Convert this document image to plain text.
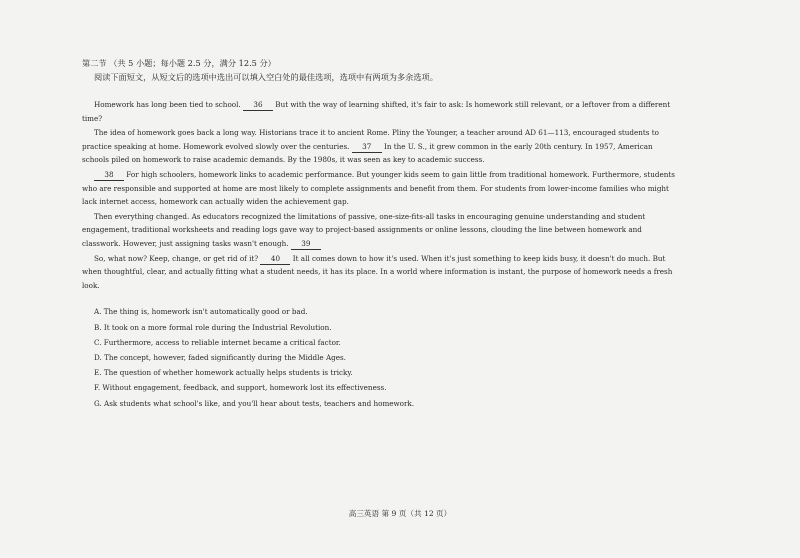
第二节 （共 5 小题；每小题 2.5 分，满分 12.5 分）
阅读下面短文，从短文后的选项中选出可以填入空白处的最佳选项，选项中有两项为多余选项。
Homework has long been tied to school. 36 But with the way of learning shifted, it's fair to ask: Is homework still relevant, or a leftover from a different time?
The idea of homework goes back a long way. Historians trace it to ancient Rome. Pliny the Younger, a teacher around AD 61—113, encouraged students to practice speaking at home. Homework evolved slowly over the centuries. 37 In the U. S., it grew common in the early 20th century. In 1957, American schools piled on homework to raise academic demands. By the 1980s, it was seen as key to academic success.
38 For high schoolers, homework links to academic performance. But younger kids seem to gain little from traditional homework. Furthermore, students who are responsible and supported at home are most likely to complete assignments and benefit from them. For students from lower-income families who might lack internet access, homework can actually widen the achievement gap.
Then everything changed. As educators recognized the limitations of passive, one-size-fits-all tasks in encouraging genuine understanding and student engagement, traditional worksheets and reading logs gave way to project-based assignments or online lessons, clouding the line between homework and classwork. However, just assigning tasks wasn't enough. 39
So, what now? Keep, change, or get rid of it? 40 It all comes down to how it's used. When it's just something to keep kids busy, it doesn't do much. But when thoughtful, clear, and actually fitting what a student needs, it has its place. In a world where information is instant, the purpose of homework needs a fresh look.
A. The thing is, homework isn't automatically good or bad.
B. It took on a more formal role during the Industrial Revolution.
C. Furthermore, access to reliable internet became a critical factor.
D. The concept, however, faded significantly during the Middle Ages.
E. The question of whether homework actually helps students is tricky.
F. Without engagement, feedback, and support, homework lost its effectiveness.
G. Ask students what school's like, and you'll hear about tests, teachers and homework.
高三英语 第 9 页（共 12 页）
